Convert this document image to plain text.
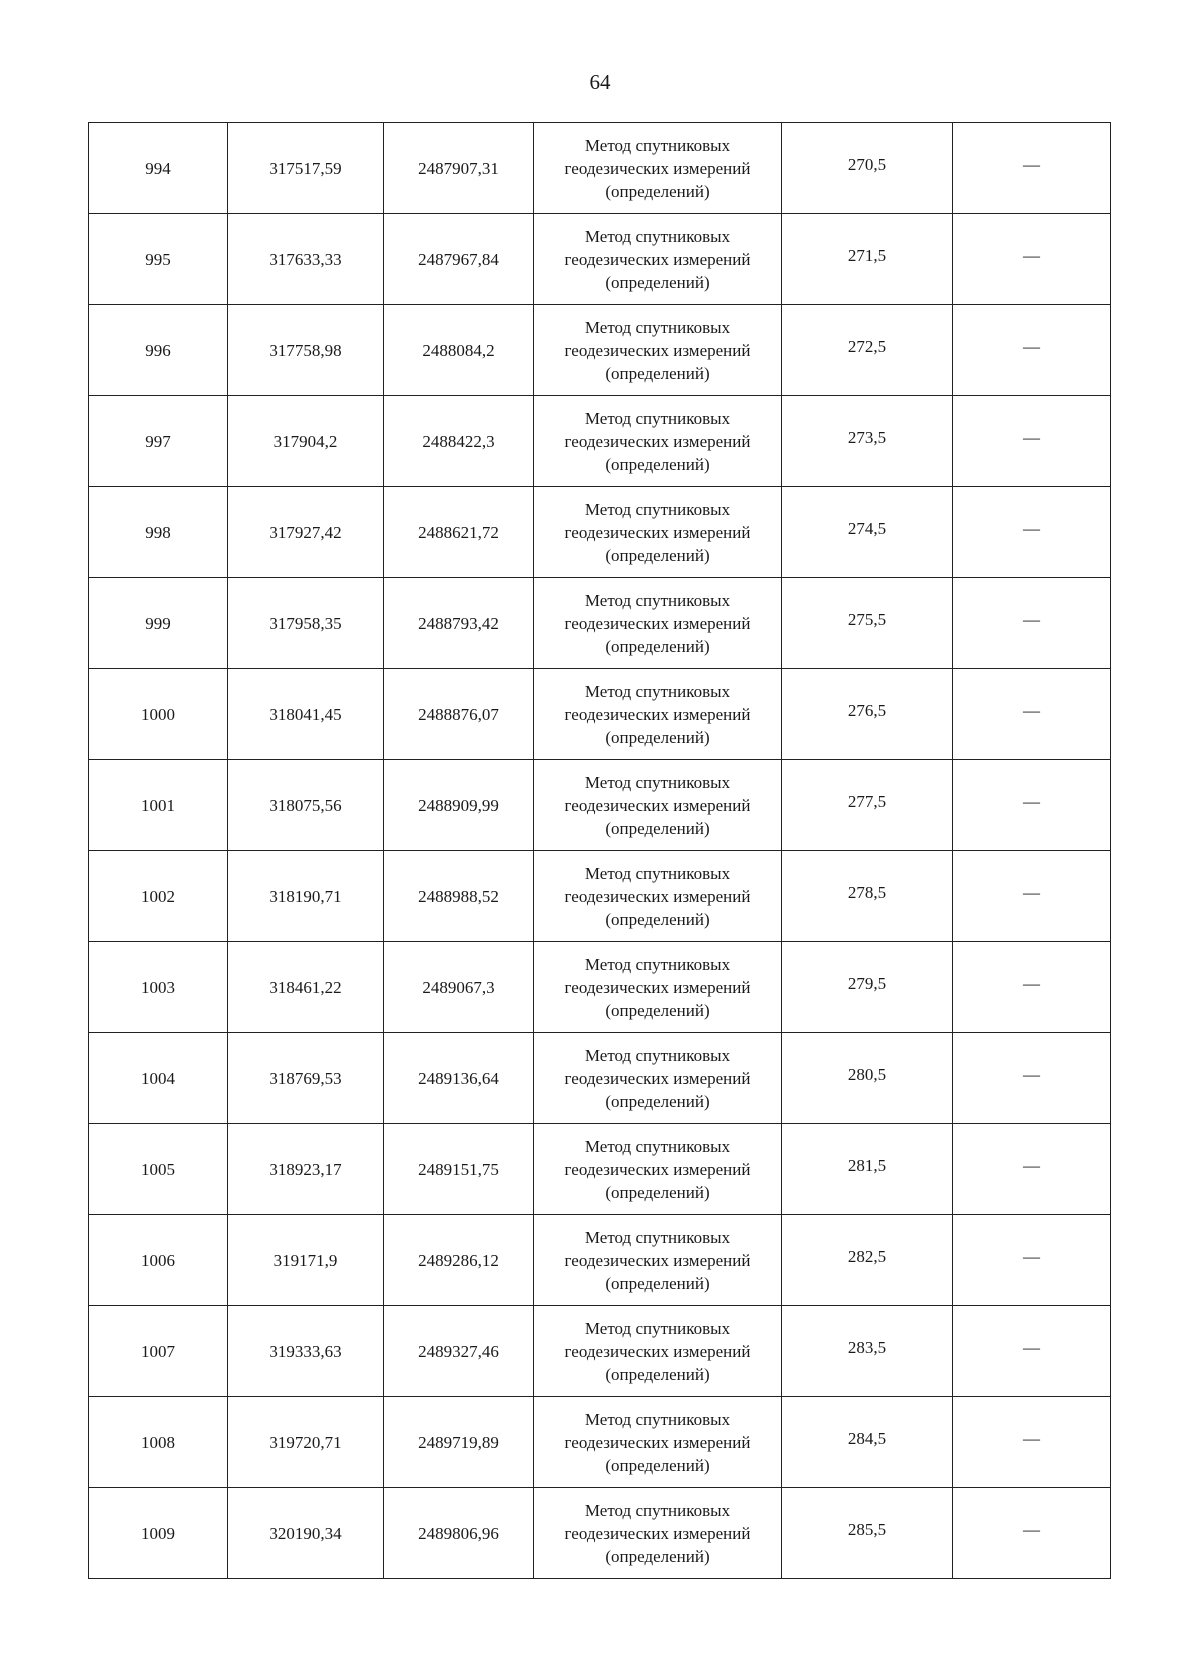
64
994	317517,59	2487907,31	Метод спутниковых
геодезических измерений
(определений)	270,5	—
995	317633,33	2487967,84	Метод спутниковых
геодезических измерений
(определений)	271,5	—
996	317758,98	2488084,2	Метод спутниковых
геодезических измерений
(определений)	272,5	—
997	317904,2	2488422,3	Метод спутниковых
геодезических измерений
(определений)	273,5	—
998	317927,42	2488621,72	Метод спутниковых
геодезических измерений
(определений)	274,5	—
999	317958,35	2488793,42	Метод спутниковых
геодезических измерений
(определений)	275,5	—
1000	318041,45	2488876,07	Метод спутниковых
геодезических измерений
(определений)	276,5	—
1001	318075,56	2488909,99	Метод спутниковых
геодезических измерений
(определений)	277,5	—
1002	318190,71	2488988,52	Метод спутниковых
геодезических измерений
(определений)	278,5	—
1003	318461,22	2489067,3	Метод спутниковых
геодезических измерений
(определений)	279,5	—
1004	318769,53	2489136,64	Метод спутниковых
геодезических измерений
(определений)	280,5	—
1005	318923,17	2489151,75	Метод спутниковых
геодезических измерений
(определений)	281,5	—
1006	319171,9	2489286,12	Метод спутниковых
геодезических измерений
(определений)	282,5	—
1007	319333,63	2489327,46	Метод спутниковых
геодезических измерений
(определений)	283,5	—
1008	319720,71	2489719,89	Метод спутниковых
геодезических измерений
(определений)	284,5	—
1009	320190,34	2489806,96	Метод спутниковых
геодезических измерений
(определений)	285,5	—
